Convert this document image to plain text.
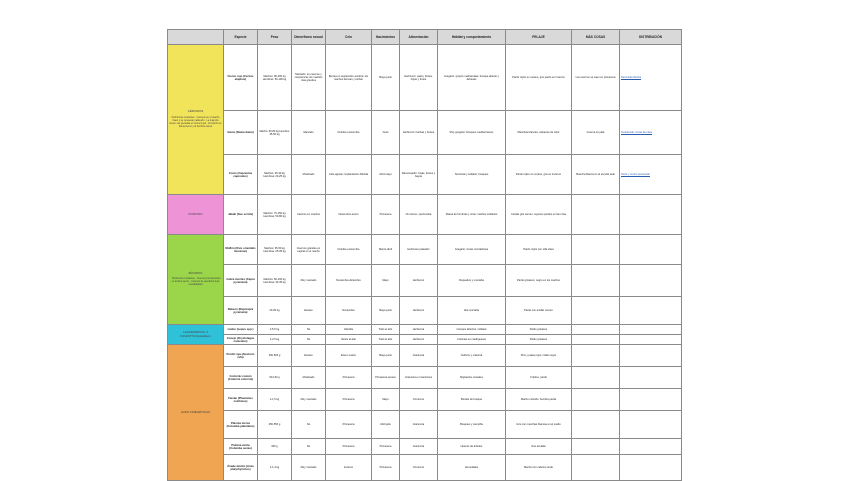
	Especie	Peso	Dimorfismo sexual	Celo	Nacimientos	Alimentación	Hábitat y comportamiento	PELAJE	MÁS COSAS	DISTRIBUCIÓN

CÉRVIDOS
· Herbívoros rumiantes · Cuernos en el macho · Caen y se renuevan cada año · La mayoría tienen sus pezuñas en número par · El macho se llama ciervo y la hembra cierva	Ciervo rojo (Cervus elaphus)	Machos: 90-200 kg Hembras: 50-100 kg	Marcado: en cuernos y corpulencia; los machos más grandes	Berrea en septiembre-octubre; los machos berrean y luchan	Mayo-junio	Herbívoro: pasto, brotes, hojas y frutos	Gregario: grupos matriarcales; bosque abierto y dehesas	Pardo rojizo en verano, gris pardo en invierno	Los cuernos se caen en primavera	Península Ibérica
	Gamo (Dama dama)	Macho: 60-80 kg Hembra: 35-50 kg	Marcado	Octubre-noviembre	Junio	Herbívoro: hierbas y brotes	Muy gregario; bosques mediterráneos	Manchas blancas; variantes de color	Cuerna en pala	Introducido; zonas de caza
	Corzo (Capreolus capreolus)	Machos: 25-30 kg Hembras: 20-25 kg	Moderado	Julio-agosto; implantación diferida	Abril-mayo	Ramoneador: hojas, brotes y bayas	Territorial y solitario; bosques	Pardo rojizo en verano, gris en invierno	Mancha blanca en el escudo anal	Norte y centro peninsular

PORCINO	Jabalí (Sus scrofa)	Machos: 70-150 kg Hembras: 50-80 kg	Caninos en machos	Noviembre-enero	Primavera	Omnívoro, oportunista	Piaras de hembras y crías; machos solitarios	Cerdas gris oscuro; rayones pardos en las crías		

BÓVIDOS
· Herbívoros rumiantes · Cuernos permanentes en ambos sexos · Cuernos de queratina (Las muscitabalar)	Muflón (Ovis orientalis musimon)	Machos: 35-50 kg Hembras: 25-35 kg	Cuernos grandes en espiral en el macho	Octubre-noviembre	Marzo-abril	Herbívoro pastador	Gregario; zonas montañosas	Pardo rojizo con silla clara		
	Cabra montés (Capra pyrenaica)	Machos: 60-100 kg Hembras: 30-45 kg	Muy marcado	Noviembre-diciembre	Mayo	Herbívoro	Roquedos y montaña	Pardo grisáceo; negro en los machos		
	Rebeco (Rupicapra pyrenaica)	20-35 kg	Escaso	Noviembre	Mayo-junio	Herbívoro	Alta montaña	Pardo con antifaz oscuro		

LAGOMORFOS, 4 INCENTIVO(cazables)	Liebre (Lepus spp.)	2,5-5 kg	No	Variable	Todo el año	Herbívora	Campos abiertos; solitaria	Pardo grisáceo		
	Conejo (Oryctolagus cuniculus)	1-2,5 kg	No	Varios al año	Todo el año	Herbívoro	Colonias en madrigueras	Pardo grisáceo		

AVES CINEGÉTICAS	Perdiz roja (Alectoris rufa)	400-500 g	Escaso	Enero-marzo	Mayo-junio	Granívora	Cultivos y matorral	Pico y patas rojos; collar negro		
	Codorniz común (Coturnix coturnix)	90-130 g	Moderado	Primavera	Primavera-verano	Granívora e insectívora	Migratoria; cereales	Críptico, pardo		
	Faisán (Phasianus colchicus)	1-1,5 kg	Muy marcado	Primavera	Mayo	Omnívoro	Bordes de bosque	Macho colorido, hembra parda		
	Paloma torcaz (Columba palumbus)	450-550 g	No	Primavera	Abril-julio	Granívora	Bosques y campiña	Gris con manchas blancas en el cuello		
	Paloma zurita (Columba oenas)	300 g	No	Primavera	Primavera	Granívora	Huecos de árboles	Gris azulado		
	Ánade azulón (Anas platyrhynchos)	1-1,4 kg	Muy marcado	Invierno	Primavera	Omnívoro	Humedales	Macho con cabeza verde		
